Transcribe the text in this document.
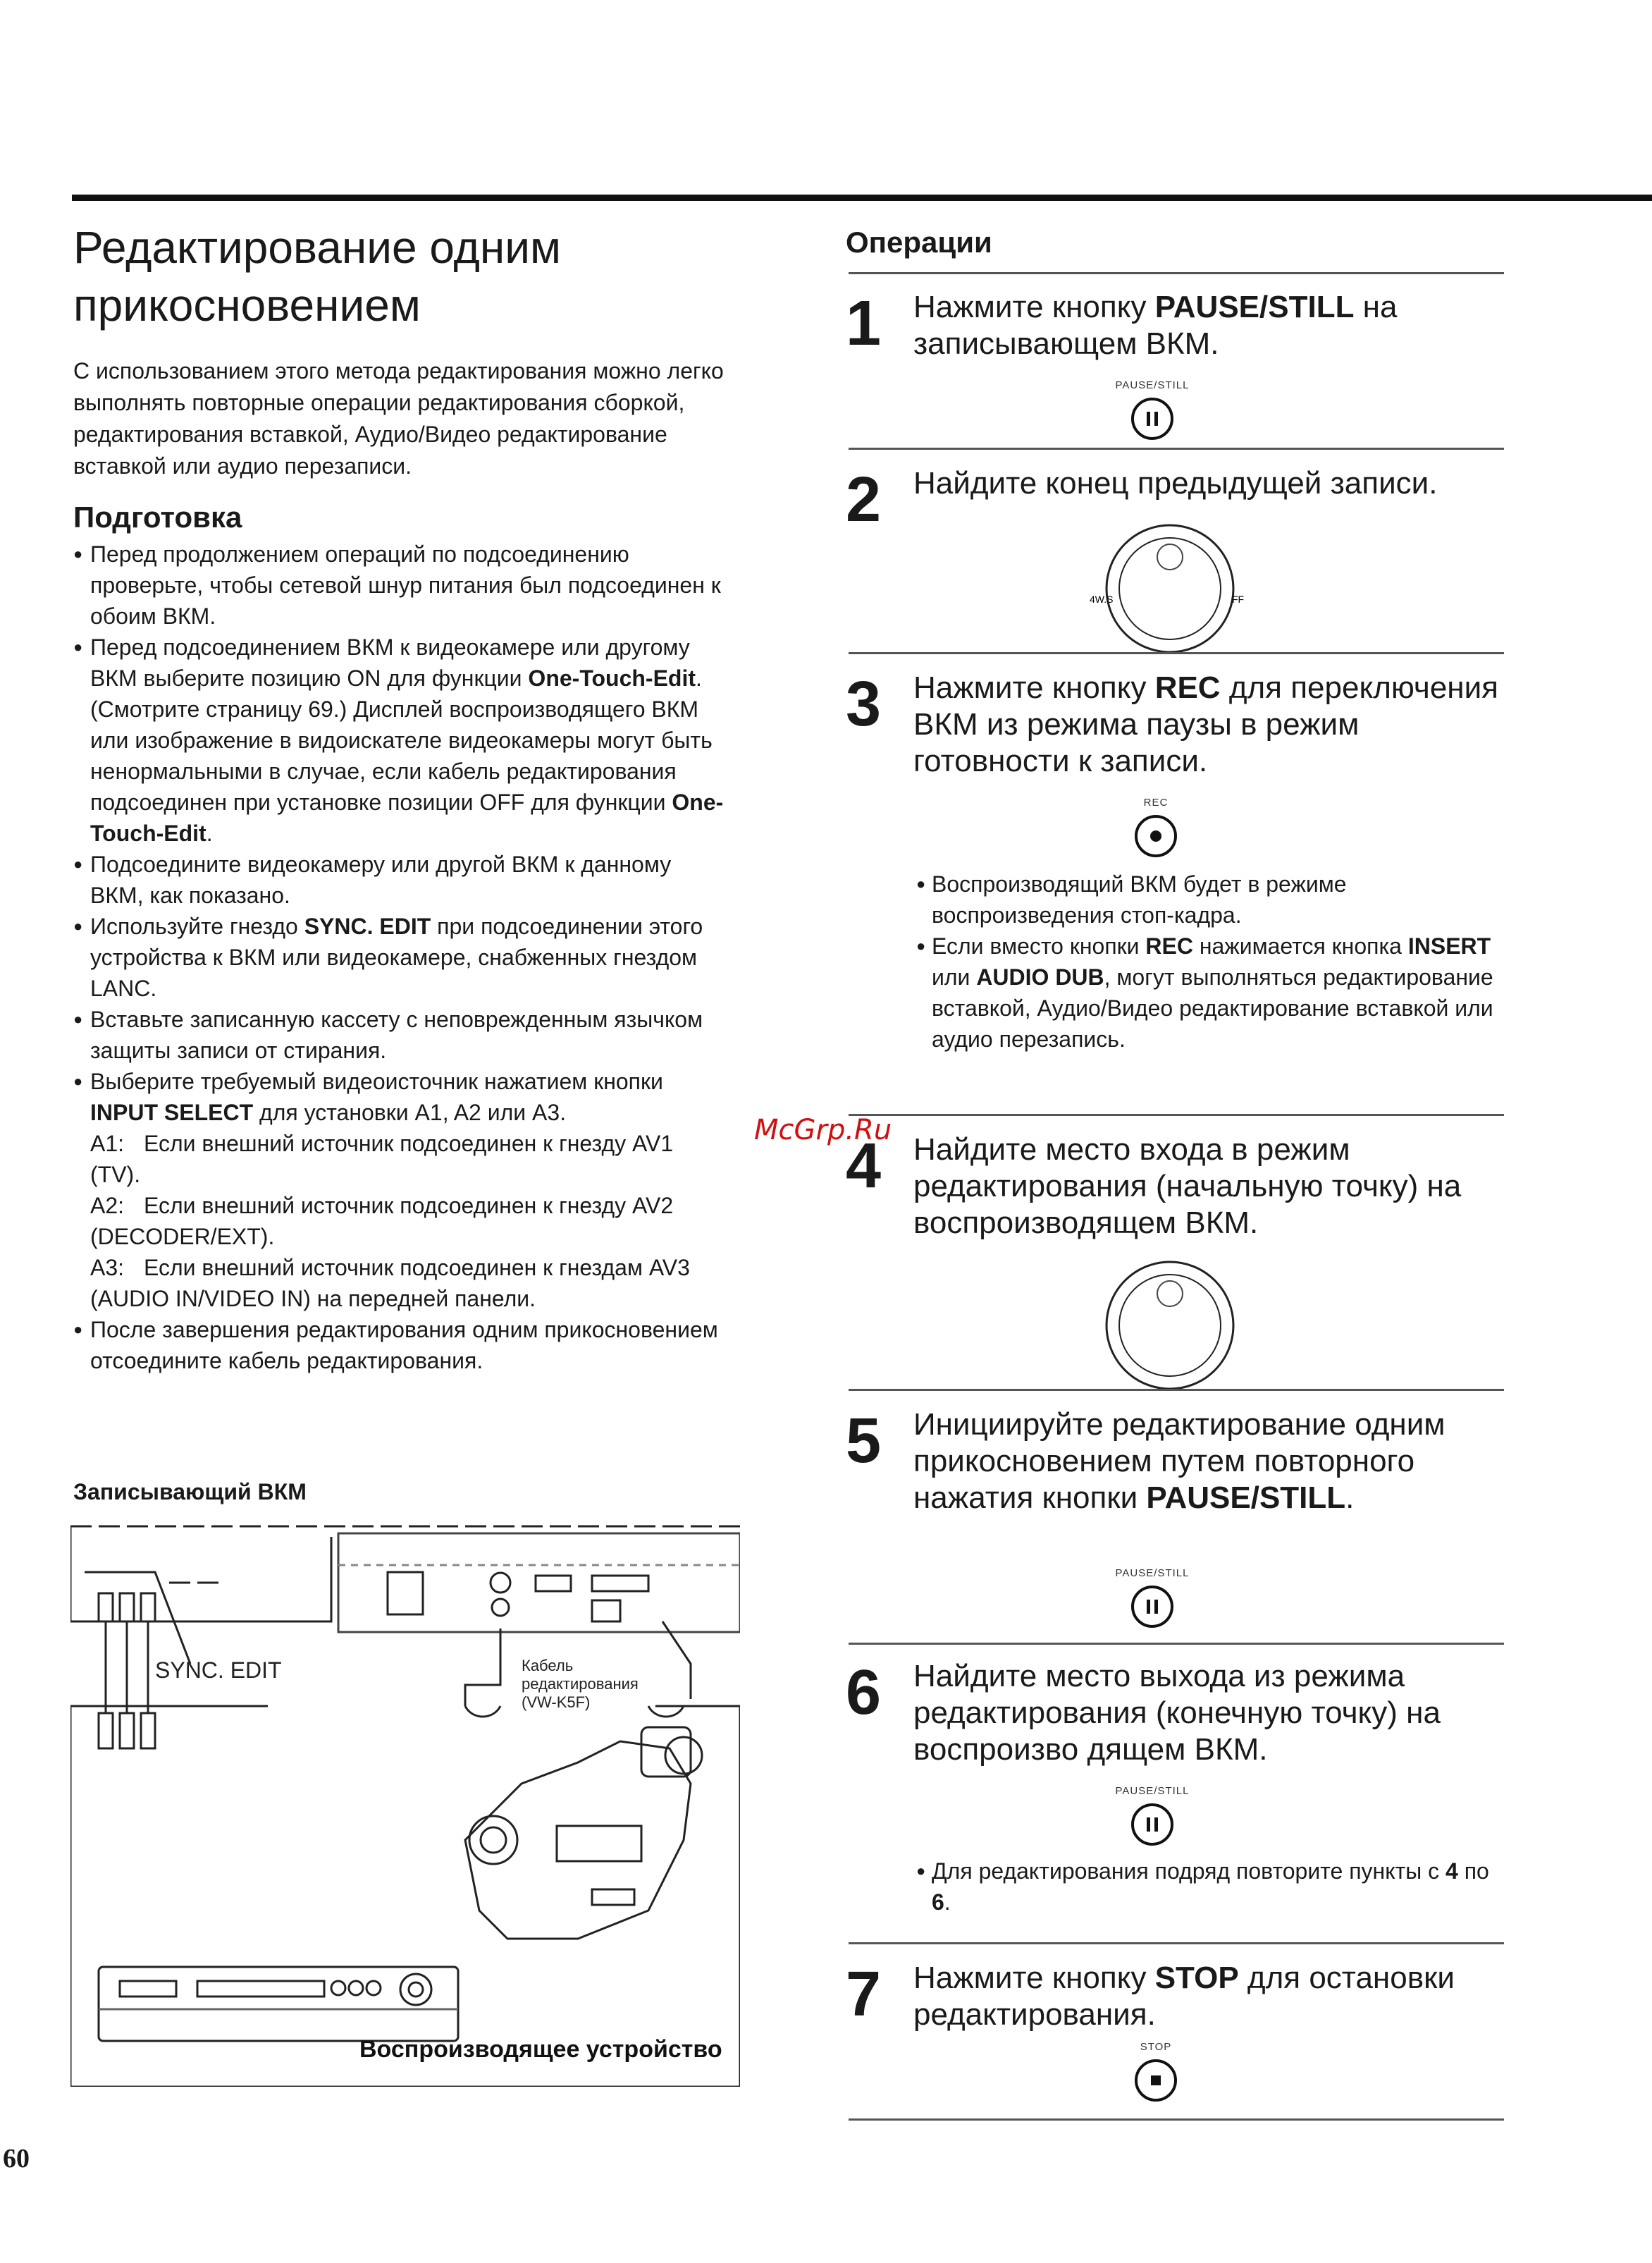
Редактирование одним прикосновением

С использованием этого метода редактирования можно легко выполнять повторные операции редактирования сборкой, редактирования вставкой, Аудио/Видео редактирование вставкой или аудио перезаписи.

Подготовка
● Перед продолжением операций по подсоединению проверьте, чтобы сетевой шнур питания был подсоединен к обоим ВКМ.
● Перед подсоединением ВКМ к видеокамере или другому ВКМ выберите позицию ON для функции One-Touch-Edit. (Смотрите страницу 69.) Дисплей воспроизводящего ВКМ или изображение в видоискателе видеокамеры могут быть ненормальными в случае, если кабель редактирования подсоединен при установке позиции OFF для функции One-Touch-Edit.
● Подсоедините видеокамеру или другой ВКМ к данному ВКМ, как показано.
● Используйте гнездо SYNC. EDIT при подсоединении этого устройства к ВКМ или видеокамере, снабженных гнездом LANC.
● Вставьте записанную кассету с неповрежденным язычком защиты записи от стирания.
● Выберите требуемый видеоисточник нажатием кнопки INPUT SELECT для установки A1, A2 или A3.
A1: Если внешний источник подсоединен к гнезду AV1 (TV).
A2: Если внешний источник подсоединен к гнезду AV2 (DECODER/EXT).
A3: Если внешний источник подсоединен к гнездам AV3 (AUDIO IN/VIDEO IN) на передней панели.
● После завершения редактирования одним прикосновением отсоедините кабель редактирования.
Записывающий ВКМ
SYNC. EDIT	Кабель
редактирования
(VW-K5F)
Воспроизводящее устройство
Операции
1 Нажмите кнопку PAUSE/STILL на записывающем ВКМ.
PAUSE/STILL
2 Найдите конец предыдущей записи.
4W.S	FF
3 Нажмите кнопку REC для переключения ВКМ из режима паузы в режим готовности к записи.
REC
● Воспроизводящий ВКМ будет в режиме воспроизведения стоп-кадра.
● Если вместо кнопки REC нажимается кнопка INSERT или AUDIO DUB, могут выполняться редактирование вставкой, Аудио/Видео редактирование вставкой или аудио перезапись.
4 Найдите место входа в режим редактирования (начальную точку) на воспроизводящем ВКМ.
5 Инициируйте редактирование одним прикосновением путем повторного нажатия кнопки PAUSE/STILL.
PAUSE/STILL
6 Найдите место выхода из режима редактирования (конечную точку) на воспроизво дящем ВКМ.
PAUSE/STILL
● Для редактирования подряд повторите пункты с 4 по 6.
7 Нажмите кнопку STOP для остановки редактирования.
STOP
McGrp.Ru
60
